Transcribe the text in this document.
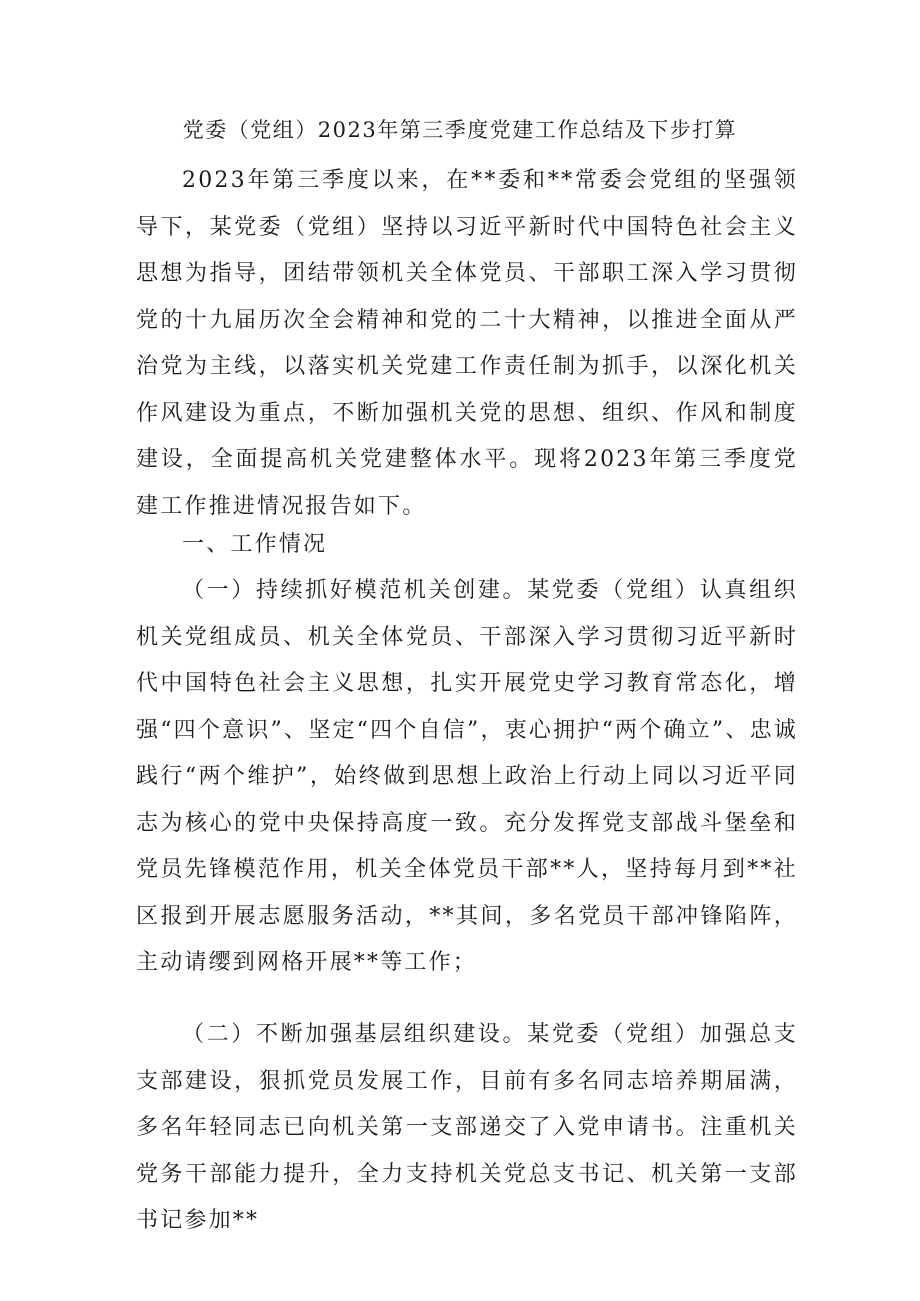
党委（党组）2023年第三季度党建工作总结及下步打算

2023年第三季度以来，在**委和**常委会党组的坚强领导下，某党委（党组）坚持以习近平新时代中国特色社会主义思想为指导，团结带领机关全体党员、干部职工深入学习贯彻党的十九届历次全会精神和党的二十大精神，以推进全面从严治党为主线，以落实机关党建工作责任制为抓手，以深化机关作风建设为重点，不断加强机关党的思想、组织、作风和制度建设，全面提高机关党建整体水平。现将2023年第三季度党建工作推进情况报告如下。

一、工作情况

（一）持续抓好模范机关创建。某党委（党组）认真组织机关党组成员、机关全体党员、干部深入学习贯彻习近平新时代中国特色社会主义思想，扎实开展党史学习教育常态化，增强“四个意识”、坚定“四个自信”，衷心拥护“两个确立”、忠诚践行“两个维护”，始终做到思想上政治上行动上同以习近平同志为核心的党中央保持高度一致。充分发挥党支部战斗堡垒和党员先锋模范作用，机关全体党员干部**人，坚持每月到**社区报到开展志愿服务活动，**其间，多名党员干部冲锋陷阵，主动请缨到网格开展**等工作；

（二）不断加强基层组织建设。某党委（党组）加强总支支部建设，狠抓党员发展工作，目前有多名同志培养期届满，多名年轻同志已向机关第一支部递交了入党申请书。注重机关党务干部能力提升，全力支持机关党总支书记、机关第一支部书记参加**
